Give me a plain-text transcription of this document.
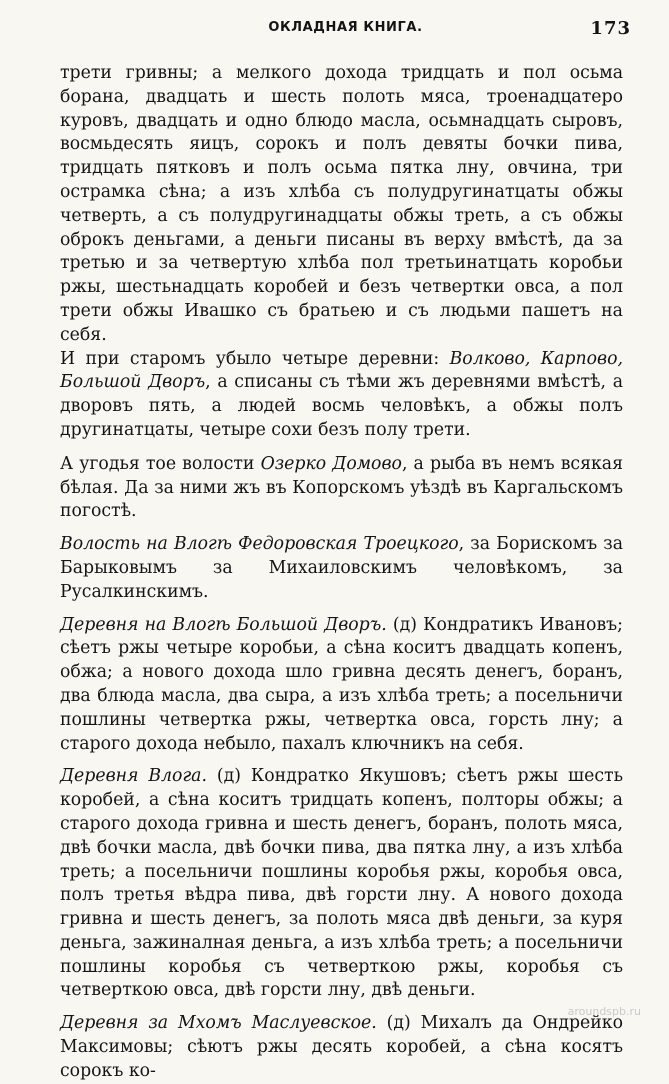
ОКЛАДНАЯ КНИГА.	173

трети гривны; а мелкого дохода тридцать и пол осьма борана, двадцать и шесть полоть мяса, троенадцатеро куровъ, двадцать и одно блюдо масла, осьмнадцать сыровъ, восмьдесять яицъ, сорокъ и полъ девяты бочки пива, тридцать пятковъ и полъ осьма пятка лну, овчина, три острамка сѣна; а изъ хлѣба съ полудругинатцаты обжы четверть, а съ полудругинадцаты обжы треть, а съ обжы оброкъ деньгами, а деньги писаны въ верху вмѣстѣ, да за третью и за четвертую хлѣба пол третьинатцать коробьи ржы, шестьнадцать коробей и безъ четвертки овса, а пол трети обжы Ивашко съ братьею и съ людьми пашетъ на себя.

И при старомъ убыло четыре деревни: Волково, Карпово, Большой Дворъ, а списаны съ тѣми жъ деревнями вмѣстѣ, а дворовъ пять, а людей восмь человѣкъ, а обжы полъ другинатцаты, четыре сохи безъ полу трети.

А угодья тое волости Озерко Домово, а рыба въ немъ всякая бѣлая. Да за ними жъ въ Копорскомъ уѣздѣ въ Каргальскомъ погостѣ.

Волость на Влогѣ Федоровская Троецкого, за Борискомъ за Барыковымъ за Михаиловскимъ человѣкомъ, за Руcалкинскимъ.

Деревня на Влогѣ Большой Дворъ. (д) Кондратикъ Ивановъ; сѣетъ ржы четыре коробьи, а сѣна коситъ двадцать копенъ, обжа; а нового дохода шло гривна десять денегъ, боранъ, два блюда масла, два сыра, а изъ хлѣба треть; а посельничи пошлины четвертка ржы, четвертка овса, горсть лну; а старого дохода небыло, пахалъ ключникъ на себя.

Деревня Влога. (д) Кондратко Якушовъ; сѣетъ ржы шесть коробей, а сѣна коситъ тридцать копенъ, полторы обжы; а старого дохода гривна и шесть денегъ, боранъ, полоть мяса, двѣ бочки масла, двѣ бочки пива, два пятка лну, а изъ хлѣба треть; а посельничи пошлины коробья ржы, коробья овса, полъ третья вѣдра пива, двѣ горсти лну. А нового дохода гривна и шесть денегъ, за полоть мяса двѣ деньги, за куря деньга, зажиналная деньга, а изъ хлѣба треть; а посельничи пошлины коробья съ четверткою ржы, коробья съ четверткою овса, двѣ горсти лну, двѣ деньги.

Деревня за Мхомъ Маслуевское. (д) Михалъ да Ондрейко Максимовы; сѣютъ ржы десять коробей, а сѣна косятъ сорокъ ко-

aroundspb.ru
